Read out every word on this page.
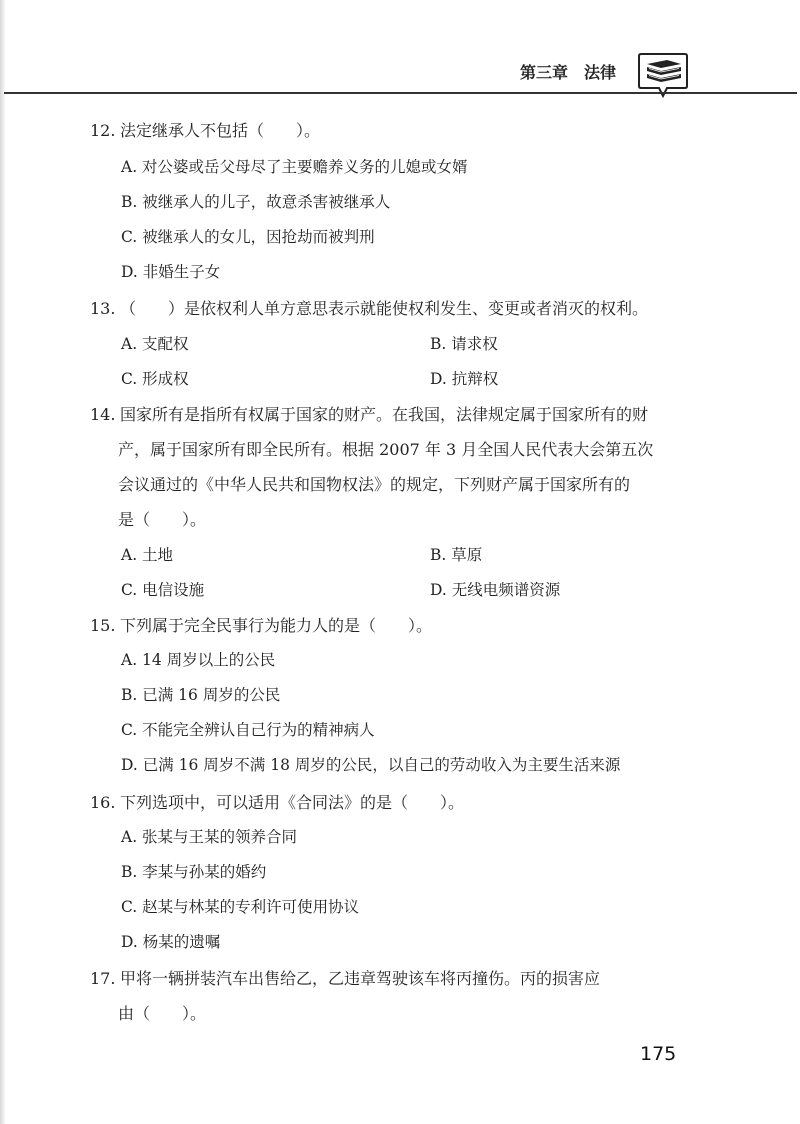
第三章　法律
12. 法定继承人不包括（　　）。
A. 对公婆或岳父母尽了主要赡养义务的儿媳或女婿
B. 被继承人的儿子，故意杀害被继承人
C. 被继承人的女儿，因抢劫而被判刑
D. 非婚生子女
13. （　　）是依权利人单方意思表示就能使权利发生、变更或者消灭的权利。
A. 支配权	B. 请求权
C. 形成权	D. 抗辩权
14. 国家所有是指所有权属于国家的财产。在我国，法律规定属于国家所有的财
产，属于国家所有即全民所有。根据 2007 年 3 月全国人民代表大会第五次
会议通过的《中华人民共和国物权法》的规定，下列财产属于国家所有的
是（　　）。
A. 土地	B. 草原
C. 电信设施	D. 无线电频谱资源
15. 下列属于完全民事行为能力人的是（　　）。
A. 14 周岁以上的公民
B. 已满 16 周岁的公民
C. 不能完全辨认自己行为的精神病人
D. 已满 16 周岁不满 18 周岁的公民，以自己的劳动收入为主要生活来源
16. 下列选项中，可以适用《合同法》的是（　　）。
A. 张某与王某的领养合同
B. 李某与孙某的婚约
C. 赵某与林某的专利许可使用协议
D. 杨某的遗嘱
17. 甲将一辆拼装汽车出售给乙，乙违章驾驶该车将丙撞伤。丙的损害应
由（　　）。
175
